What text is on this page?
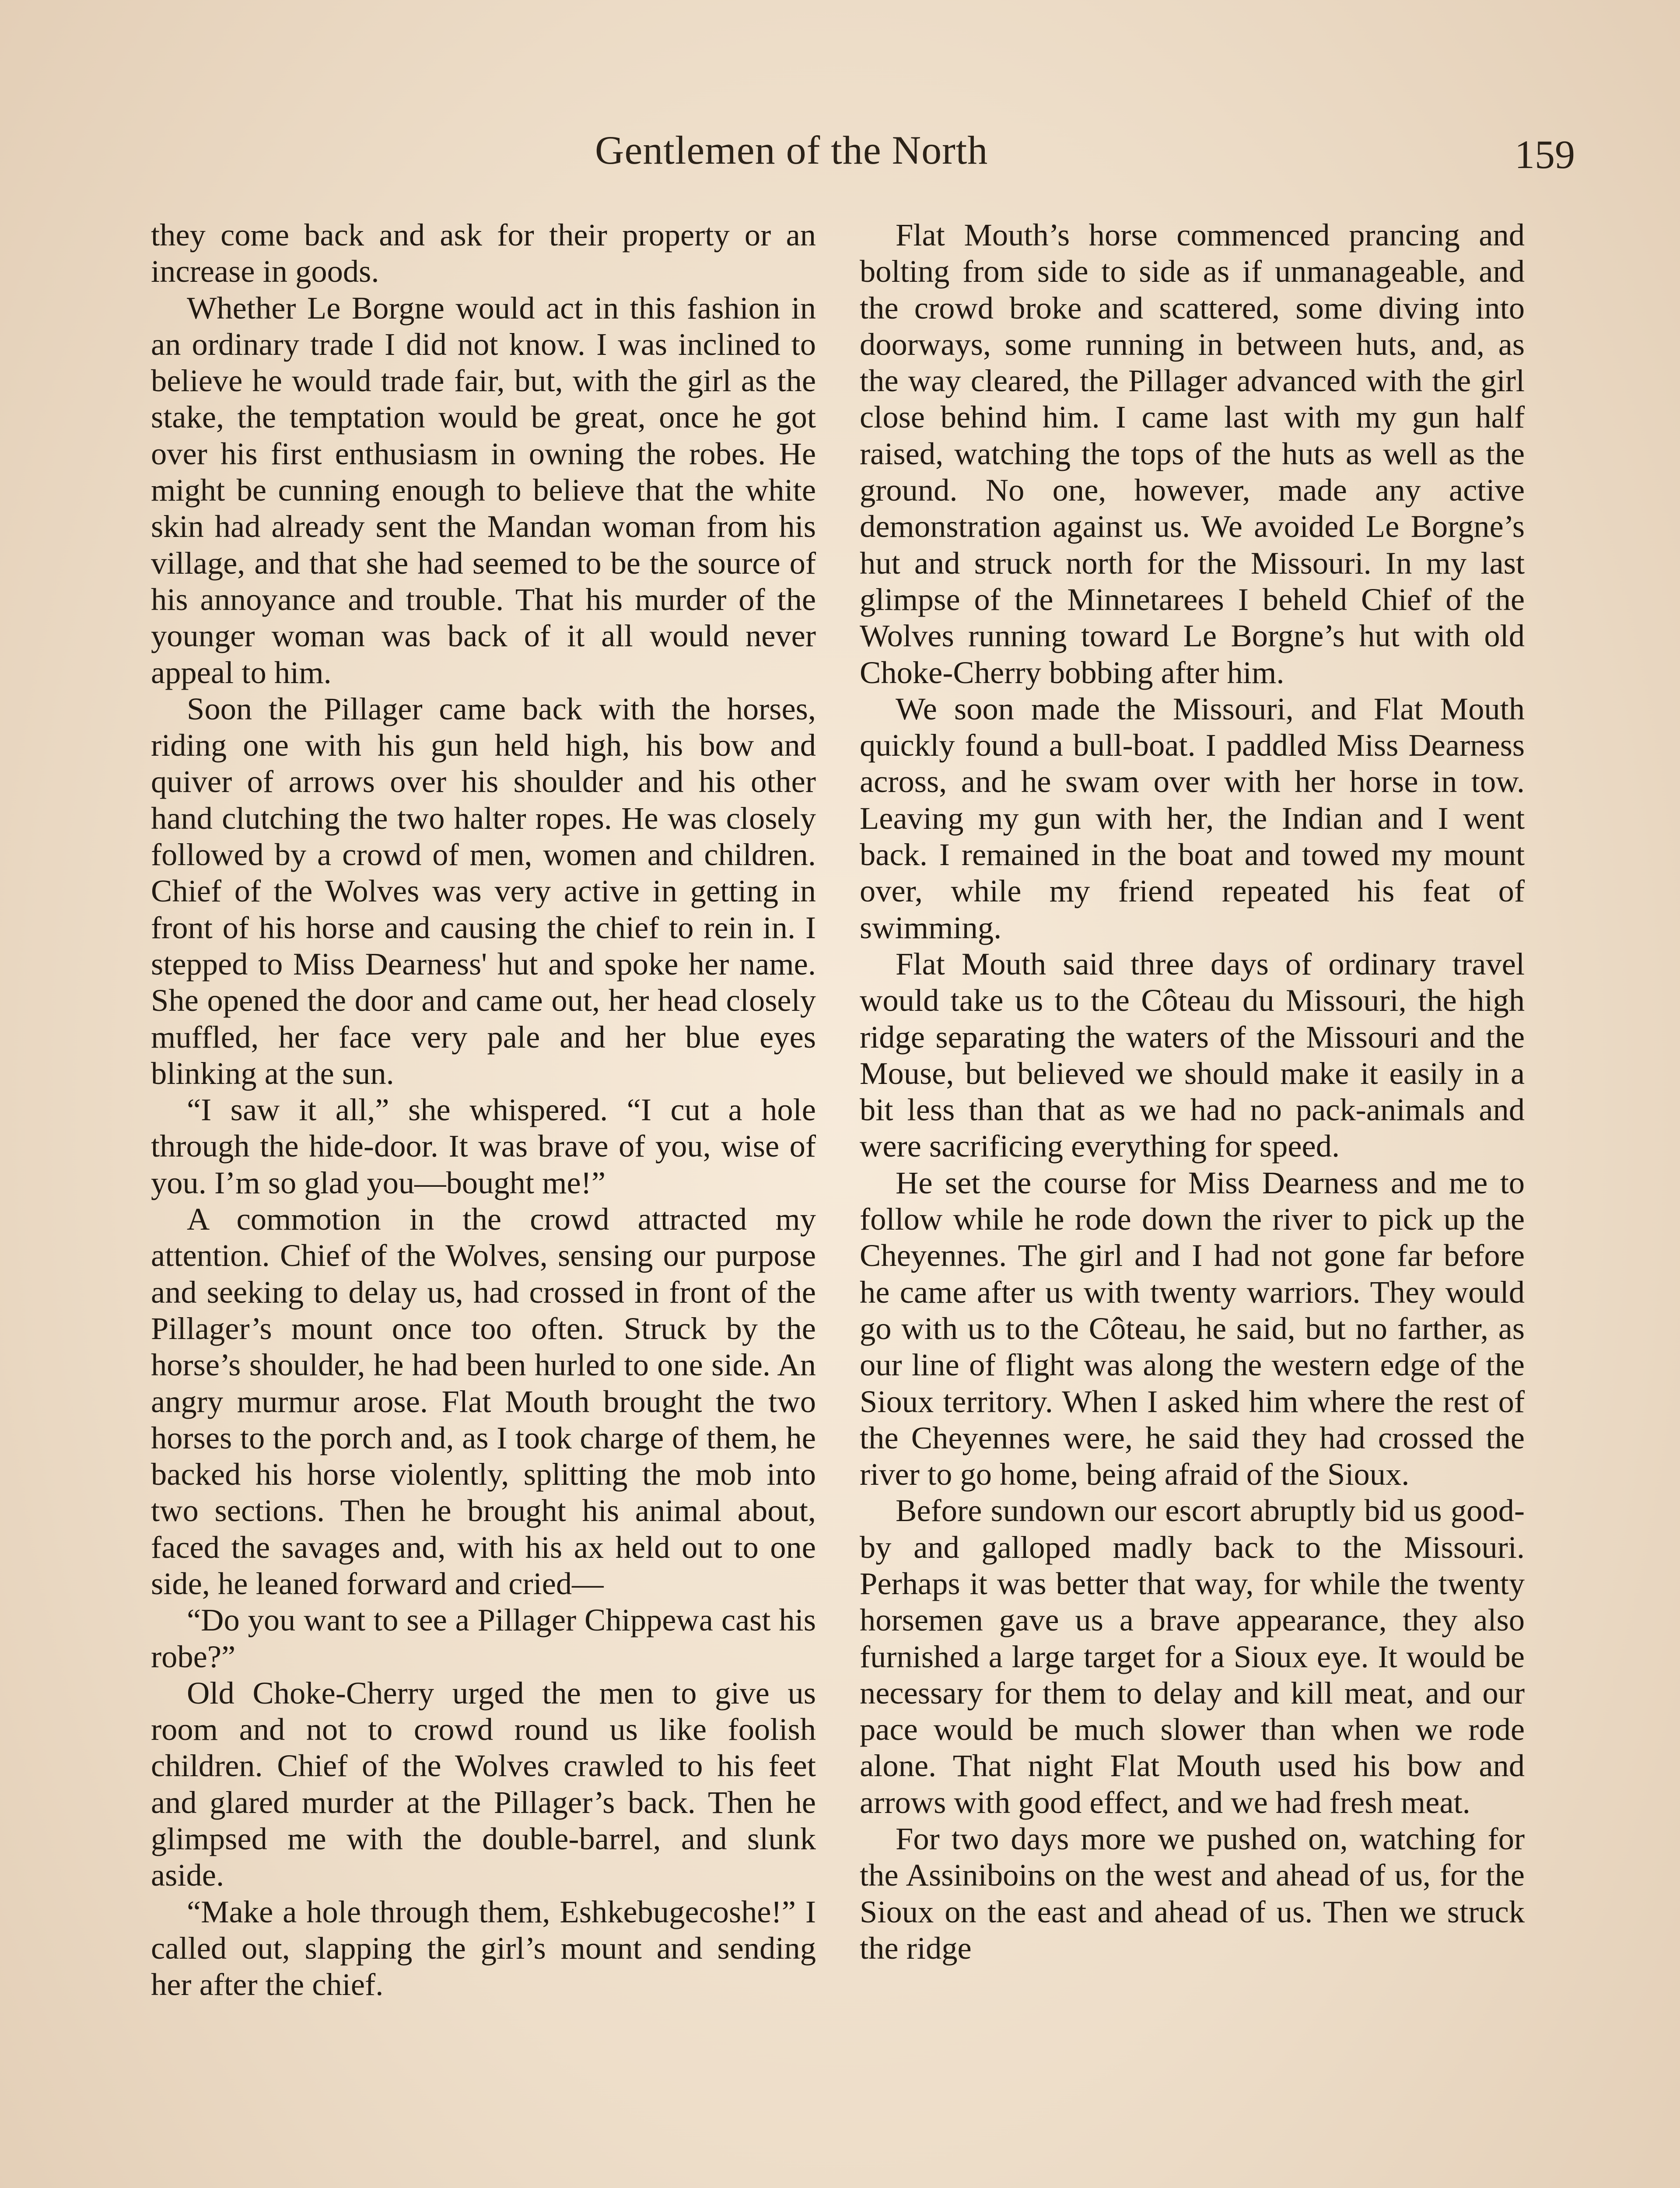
Gentlemen of the North	159

they come back and ask for their property or an increase in goods.

Whether Le Borgne would act in this fashion in an ordinary trade I did not know. I was inclined to believe he would trade fair, but, with the girl as the stake, the temptation would be great, once he got over his first enthusiasm in owning the robes. He might be cunning enough to believe that the white skin had already sent the Mandan woman from his village, and that she had seemed to be the source of his annoyance and trouble. That his murder of the younger woman was back of it all would never appeal to him.

Soon the Pillager came back with the horses, riding one with his gun held high, his bow and quiver of arrows over his shoulder and his other hand clutching the two halter ropes. He was closely followed by a crowd of men, women and children. Chief of the Wolves was very active in getting in front of his horse and causing the chief to rein in. I stepped to Miss Dearness' hut and spoke her name. She opened the door and came out, her head closely muffled, her face very pale and her blue eyes blinking at the sun.

“I saw it all,” she whispered. “I cut a hole through the hide-door. It was brave of you, wise of you. I’m so glad you—bought me!”

A commotion in the crowd attracted my attention. Chief of the Wolves, sensing our purpose and seeking to delay us, had crossed in front of the Pillager’s mount once too often. Struck by the horse’s shoulder, he had been hurled to one side. An angry murmur arose. Flat Mouth brought the two horses to the porch and, as I took charge of them, he backed his horse violently, splitting the mob into two sections. Then he brought his animal about, faced the savages and, with his ax held out to one side, he leaned forward and cried—

“Do you want to see a Pillager Chippewa cast his robe?”

Old Choke-Cherry urged the men to give us room and not to crowd round us like foolish children. Chief of the Wolves crawled to his feet and glared murder at the Pillager’s back. Then he glimpsed me with the double-barrel, and slunk aside.

“Make a hole through them, Eshkebugecoshe!” I called out, slapping the girl’s mount and sending her after the chief.

Flat Mouth’s horse commenced prancing and bolting from side to side as if unmanageable, and the crowd broke and scattered, some diving into doorways, some running in between huts, and, as the way cleared, the Pillager advanced with the girl close behind him. I came last with my gun half raised, watching the tops of the huts as well as the ground. No one, however, made any active demonstration against us. We avoided Le Borgne’s hut and struck north for the Missouri. In my last glimpse of the Minnetarees I beheld Chief of the Wolves running toward Le Borgne’s hut with old Choke-Cherry bobbing after him.

We soon made the Missouri, and Flat Mouth quickly found a bull-boat. I paddled Miss Dearness across, and he swam over with her horse in tow. Leaving my gun with her, the Indian and I went back. I remained in the boat and towed my mount over, while my friend repeated his feat of swimming.

Flat Mouth said three days of ordinary travel would take us to the Côteau du Missouri, the high ridge separating the waters of the Missouri and the Mouse, but believed we should make it easily in a bit less than that as we had no pack-animals and were sacrificing everything for speed.

He set the course for Miss Dearness and me to follow while he rode down the river to pick up the Cheyennes. The girl and I had not gone far before he came after us with twenty warriors. They would go with us to the Côteau, he said, but no farther, as our line of flight was along the western edge of the Sioux territory. When I asked him where the rest of the Cheyennes were, he said they had crossed the river to go home, being afraid of the Sioux.

Before sundown our escort abruptly bid us good-by and galloped madly back to the Missouri. Perhaps it was better that way, for while the twenty horsemen gave us a brave appearance, they also furnished a large target for a Sioux eye. It would be necessary for them to delay and kill meat, and our pace would be much slower than when we rode alone. That night Flat Mouth used his bow and arrows with good effect, and we had fresh meat.

For two days more we pushed on, watching for the Assiniboins on the west and ahead of us, for the Sioux on the east and ahead of us. Then we struck the ridge
